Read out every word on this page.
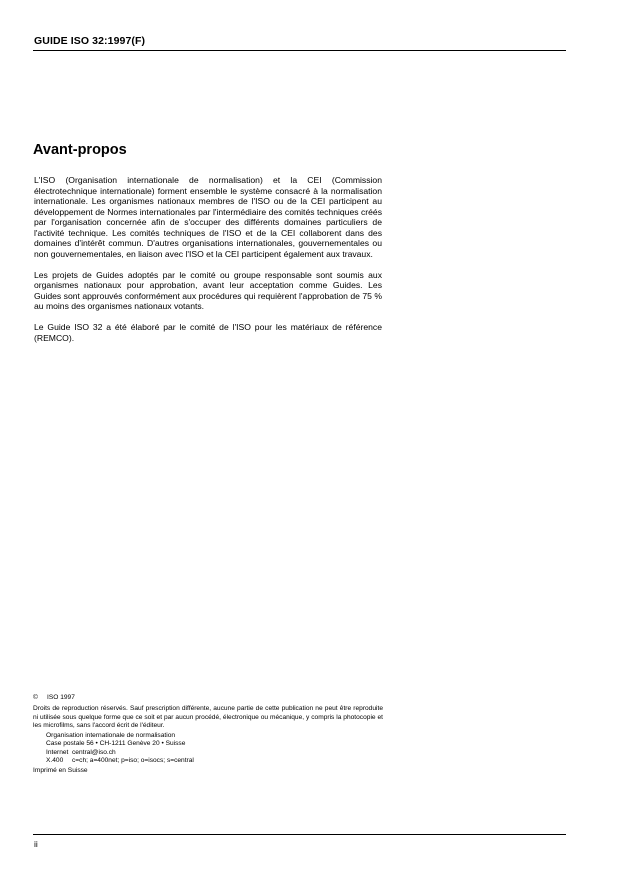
GUIDE ISO 32:1997(F)
Avant-propos

L'ISO (Organisation internationale de normalisation) et la CEI (Commission électrotechnique internationale) forment ensemble le système consacré à la normalisation internationale. Les organismes nationaux membres de l'ISO ou de la CEI participent au développement de Normes internationales par l'intermédiaire des comités techniques créés par l'organisation concernée afin de s'occuper des différents domaines particuliers de l'activité technique. Les comités techniques de l'ISO et de la CEI collaborent dans des domaines d'intérêt commun. D'autres organisations internationales, gouvernementales ou non gouvernementales, en liaison avec l'ISO et la CEI participent également aux travaux.

Les projets de Guides adoptés par le comité ou groupe responsable sont soumis aux organismes nationaux pour approbation, avant leur acceptation comme Guides. Les Guides sont approuvés conformément aux procédures qui requièrent l'approbation de 75 % au moins des organismes nationaux votants.

Le Guide ISO 32 a été élaboré par le comité de l'ISO pour les matériaux de référence (REMCO).

© ISO 1997
Droits de reproduction réservés. Sauf prescription différente, aucune partie de cette publication ne peut être reproduite ni utilisée sous quelque forme que ce soit et par aucun procédé, électronique ou mécanique, y compris la photocopie et les microfilms, sans l'accord écrit de l'éditeur.
Organisation internationale de normalisation
Case postale 56 • CH-1211 Genève 20 • Suisse
Internet central@iso.ch
X.400	c=ch; a=400net; p=iso; o=isocs; s=central
Imprimé en Suisse
ii
